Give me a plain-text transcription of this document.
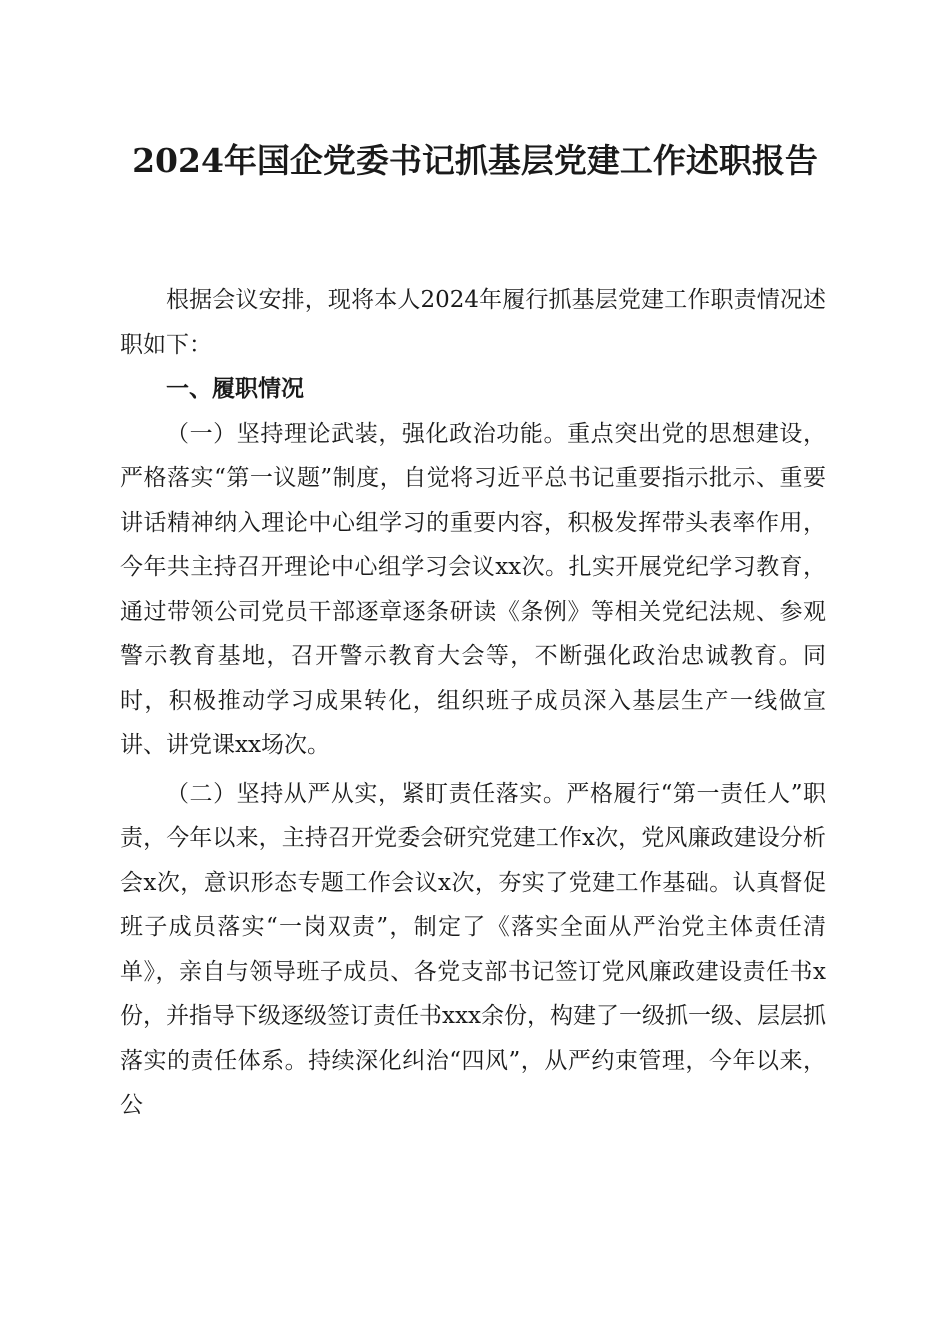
2024年国企党委书记抓基层党建工作述职报告

根据会议安排，现将本人2024年履行抓基层党建工作职责情况述职如下：

一、履职情况

（一）坚持理论武装，强化政治功能。重点突出党的思想建设，严格落实“第一议题”制度，自觉将习近平总书记重要指示批示、重要讲话精神纳入理论中心组学习的重要内容，积极发挥带头表率作用，今年共主持召开理论中心组学习会议xx次。扎实开展党纪学习教育，通过带领公司党员干部逐章逐条研读《条例》等相关党纪法规、参观警示教育基地，召开警示教育大会等，不断强化政治忠诚教育。同时，积极推动学习成果转化，组织班子成员深入基层生产一线做宣讲、讲党课xx场次。

（二）坚持从严从实，紧盯责任落实。严格履行“第一责任人”职责，今年以来，主持召开党委会研究党建工作x次，党风廉政建设分析会x次，意识形态专题工作会议x次，夯实了党建工作基础。认真督促班子成员落实“一岗双责”，制定了《落实全面从严治党主体责任清单》，亲自与领导班子成员、各党支部书记签订党风廉政建设责任书x份，并指导下级逐级签订责任书xxx余份，构建了一级抓一级、层层抓落实的责任体系。持续深化纠治“四风”，从严约束管理，今年以来，公
